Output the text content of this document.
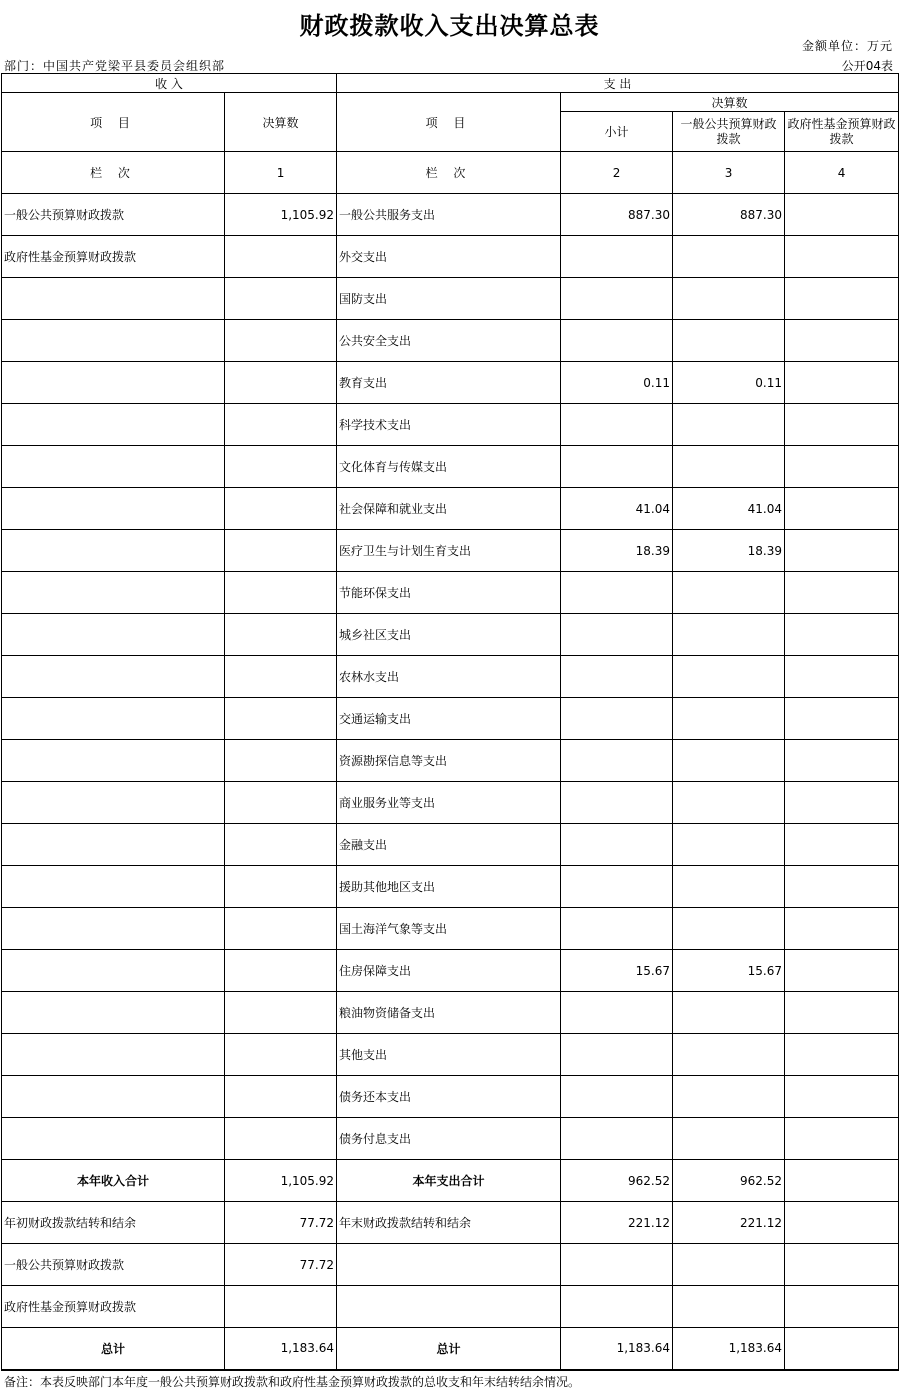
财政拨款收入支出决算总表
金额单位：万元
部门：中国共产党梁平县委员会组织部	公开04表
收 入		支 出			
项 目	决算数	项 目	决算数		
			小计	一般公共预算财政拨款	政府性基金预算财政拨款
栏 次	1	栏 次	2	3	4
一般公共预算财政拨款	1,105.92	一般公共服务支出	887.30	887.30	
政府性基金预算财政拨款		外交支出			
		国防支出			
		公共安全支出			
		教育支出	0.11	0.11	
		科学技术支出			
		文化体育与传媒支出			
		社会保障和就业支出	41.04	41.04	
		医疗卫生与计划生育支出	18.39	18.39	
		节能环保支出			
		城乡社区支出			
		农林水支出			
		交通运输支出			
		资源勘探信息等支出			
		商业服务业等支出			
		金融支出			
		援助其他地区支出			
		国土海洋气象等支出			
		住房保障支出	15.67	15.67	
		粮油物资储备支出			
		其他支出			
		债务还本支出			
		债务付息支出			
本年收入合计	1,105.92	本年支出合计	962.52	962.52	
年初财政拨款结转和结余	77.72	年末财政拨款结转和结余	221.12	221.12	
一般公共预算财政拨款	77.72				
政府性基金预算财政拨款					
总计	1,183.64	总计	1,183.64	1,183.64	
备注：本表反映部门本年度一般公共预算财政拨款和政府性基金预算财政拨款的总收支和年末结转结余情况。
